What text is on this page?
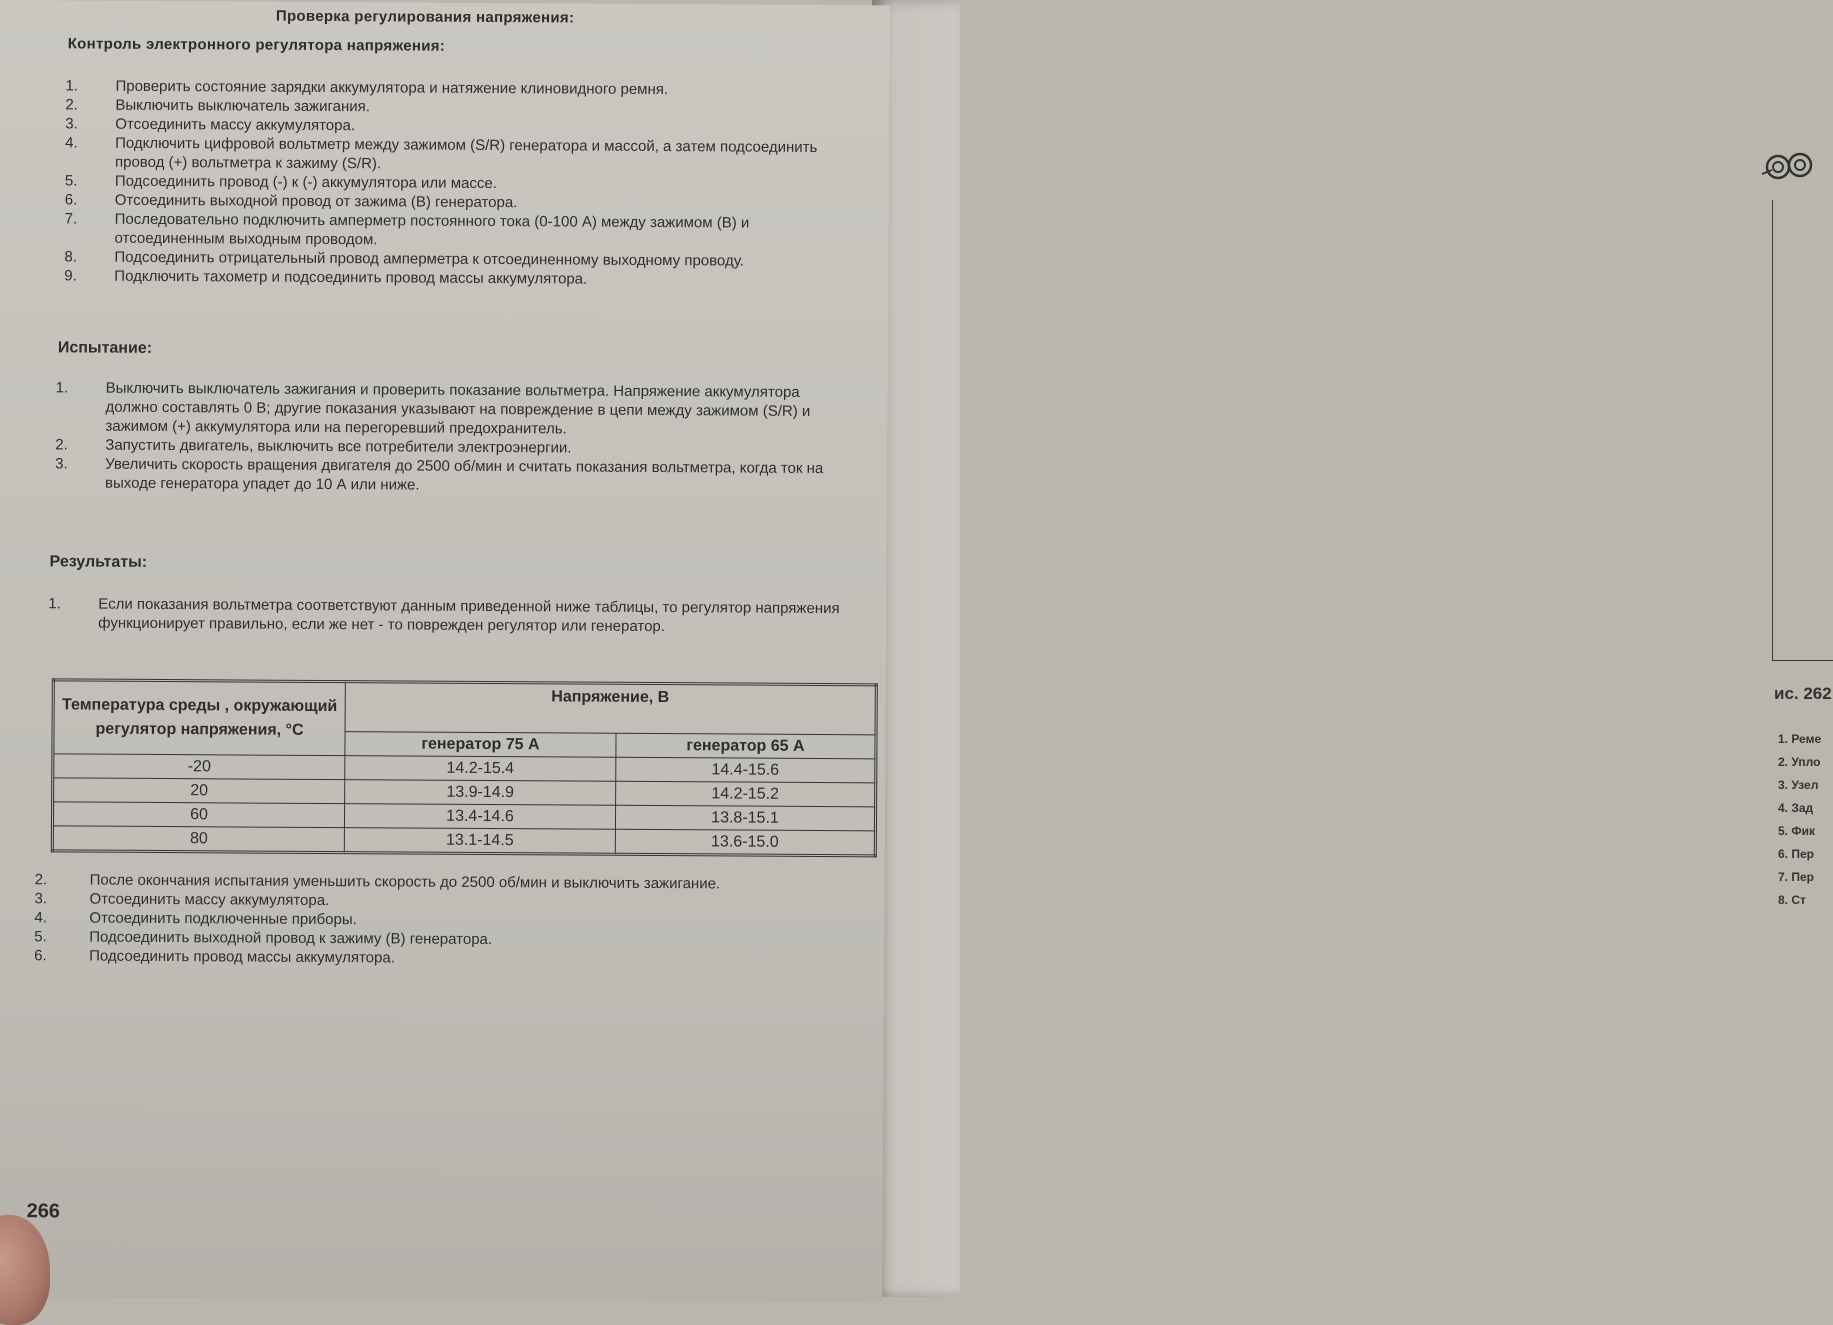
ис. 262
1. Реме
2. Упло
3. Узел
4. Зад
5. Фик
6. Пер
7. Пер
8. Ст
Проверка регулирования напряжения:
Контроль электронного регулятора напряжения:
1.	Проверить состояние зарядки аккумулятора и натяжение клиновидного ремня.
2.	Выключить выключатель зажигания.
3.	Отсоединить массу аккумулятора.
4.	Подключить цифровой вольтметр между зажимом (S/R) генератора и массой, а затем подсоединить провод (+) вольтметра к зажиму (S/R).
5.	Подсоединить провод (-) к (-) аккумулятора или массе.
6.	Отсоединить выходной провод от зажима (В) генератора.
7.	Последовательно подключить амперметр постоянного тока (0-100 А) между зажимом (В) и отсоединенным выходным проводом.
8.	Подсоединить отрицательный провод амперметра к отсоединенному выходному проводу.
9.	Подключить тахометр и подсоединить провод массы аккумулятора.
Испытание:
1.	Выключить выключатель зажигания и проверить показание вольтметра. Напряжение аккумулятора должно составлять 0 В; другие показания указывают на повреждение в цепи между зажимом (S/R) и зажимом (+) аккумулятора или на перегоревший предохранитель.
2.	Запустить двигатель, выключить все потребители электроэнергии.
3.	Увеличить скорость вращения двигателя до 2500 об/мин и считать показания вольтметра, когда ток на выходе генератора упадет до 10 А или ниже.
Результаты:
1.	Если показания вольтметра соответствуют данным приведенной ниже таблицы, то регулятор напряжения функционирует правильно, если же нет - то поврежден регулятор или генератор.
Температура среды , окружающий регулятор напряжения, °С	Напряжение, В	
	генератор 75 А	генератор 65 А
-20	14.2-15.4	14.4-15.6
20	13.9-14.9	14.2-15.2
60	13.4-14.6	13.8-15.1
80	13.1-14.5	13.6-15.0
2.	После окончания испытания уменьшить скорость до 2500 об/мин и выключить зажигание.
3.	Отсоединить массу аккумулятора.
4.	Отсоединить подключенные приборы.
5.	Подсоединить выходной провод к зажиму (В) генератора.
6.	Подсоединить провод массы аккумулятора.
266
